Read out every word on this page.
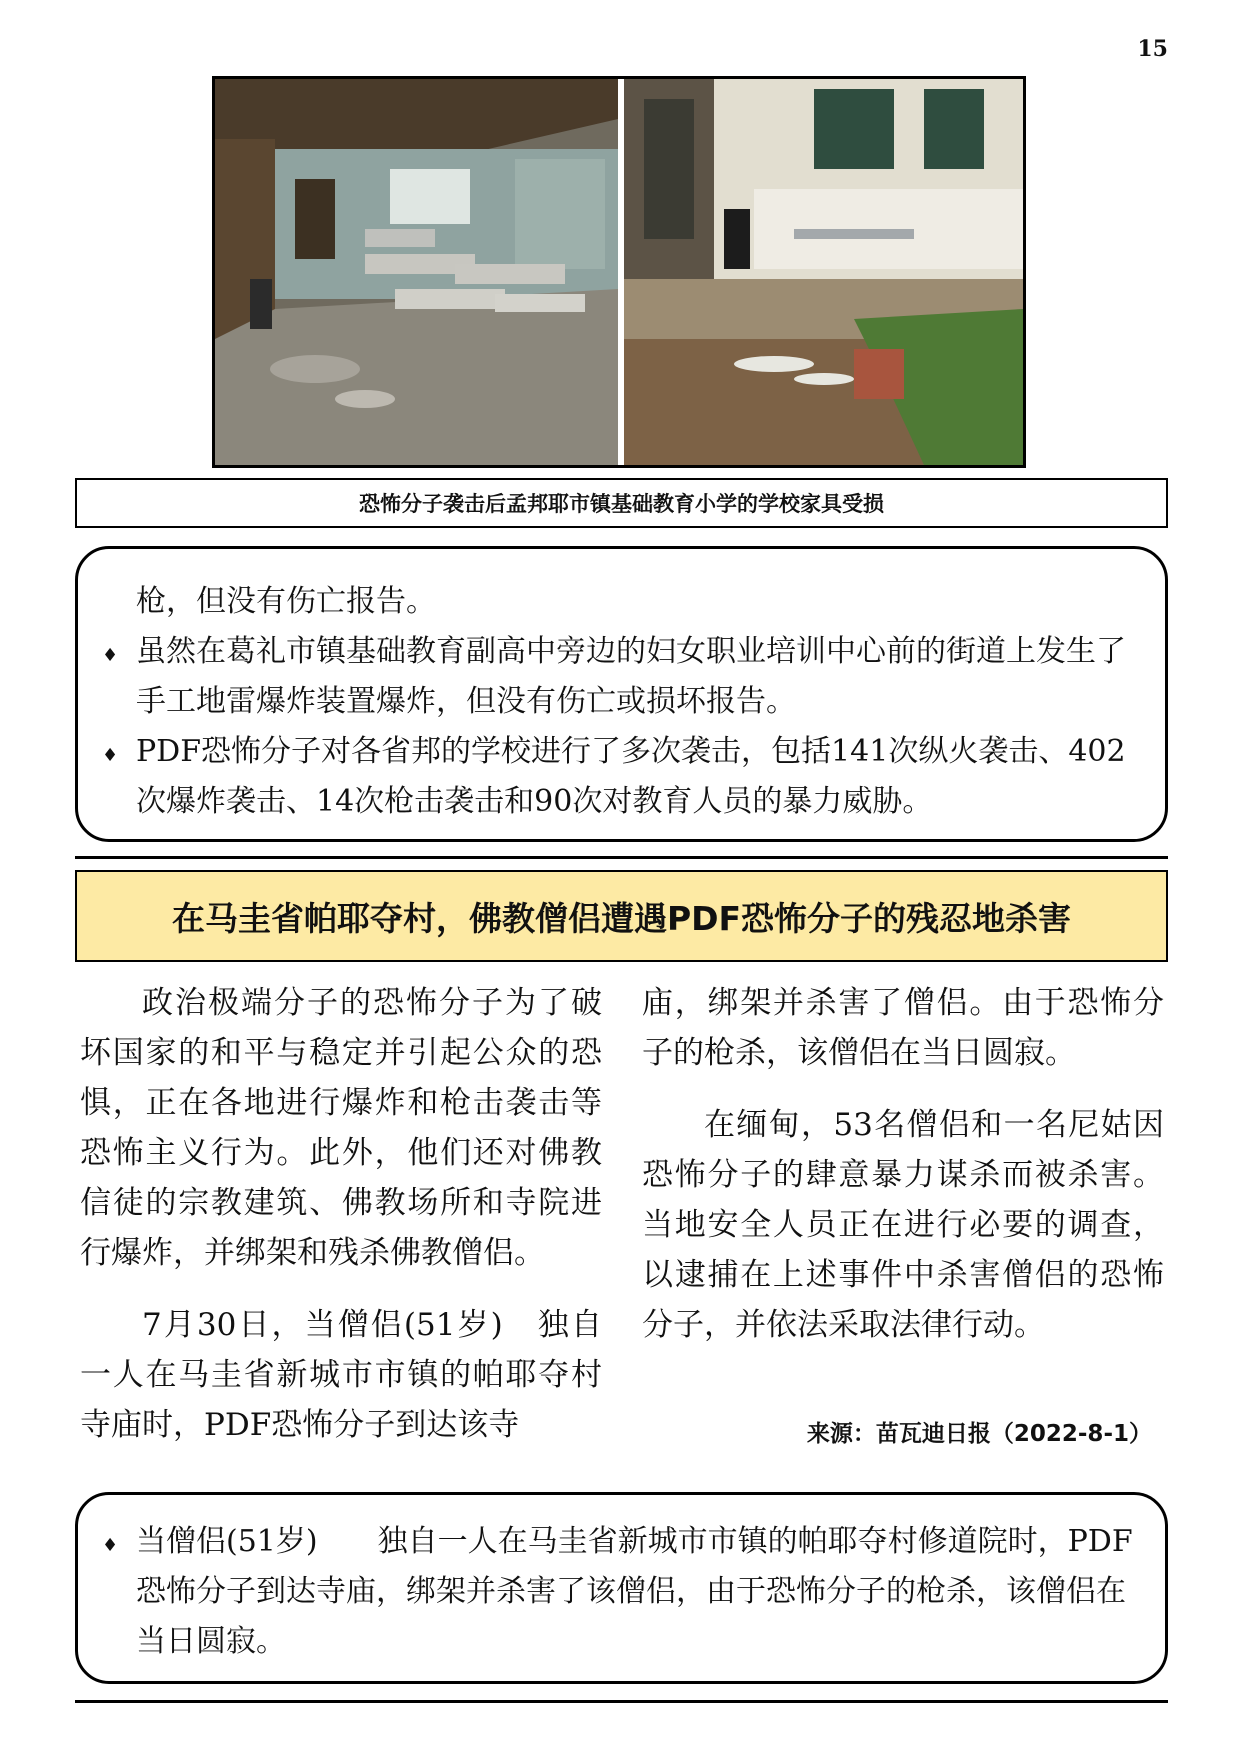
15
恐怖分子袭击后孟邦耶市镇基础教育小学的学校家具受损

枪，但没有伤亡报告。

♦ 虽然在葛礼市镇基础教育副高中旁边的妇女职业培训中心前的街道上发生了手工地雷爆炸装置爆炸，但没有伤亡或损坏报告。
♦ PDF恐怖分子对各省邦的学校进行了多次袭击，包括141次纵火袭击、402次爆炸袭击、14次枪击袭击和90次对教育人员的暴力威胁。
在马圭省帕耶夺村，佛教僧侣遭遇PDF恐怖分子的残忍地杀害

政治极端分子的恐怖分子为了破坏国家的和平与稳定并引起公众的恐惧，正在各地进行爆炸和枪击袭击等恐怖主义行为。此外，他们还对佛教信徒的宗教建筑、佛教场所和寺院进行爆炸，并绑架和残杀佛教僧侣。

7月30日，当僧侣(51岁)　独自一人在马圭省新城市市镇的帕耶夺村寺庙时，PDF恐怖分子到达该寺

庙，绑架并杀害了僧侣。由于恐怖分子的枪杀，该僧侣在当日圆寂。

在缅甸，53名僧侣和一名尼姑因恐怖分子的肆意暴力谋杀而被杀害。当地安全人员正在进行必要的调查，以逮捕在上述事件中杀害僧侣的恐怖分子，并依法采取法律行动。

来源：苗瓦迪日报（2022-8-1）
♦ 当僧侣(51岁)　　独自一人在马圭省新城市市镇的帕耶夺村修道院时，PDF恐怖分子到达寺庙，绑架并杀害了该僧侣，由于恐怖分子的枪杀，该僧侣在当日圆寂。
